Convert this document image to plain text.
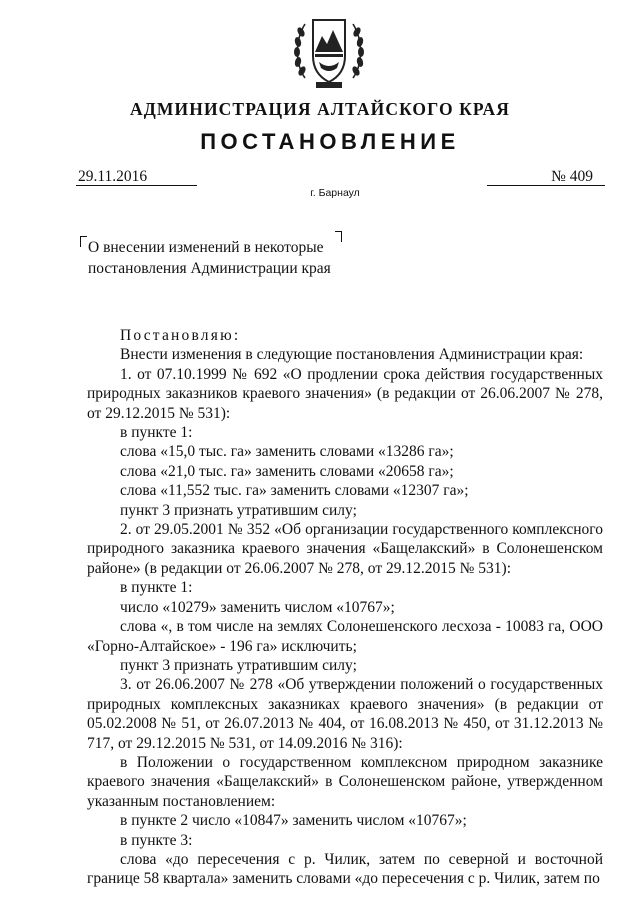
АДМИНИСТРАЦИЯ АЛТАЙСКОГО КРАЯ
ПОСТАНОВЛЕНИЕ
29.11.2016	№ 409
г. Барнаул
О внесении изменений в некоторые
постановления Администрации края

Постановляю:

Внести изменения в следующие постановления Администрации края:

1. от 07.10.1999 № 692 «О продлении срока действия государственных природных заказников краевого значения» (в редакции от 26.06.2007 № 278, от 29.12.2015 № 531):

в пункте 1:

слова «15,0 тыс. га» заменить словами «13286 га»;

слова «21,0 тыс. га» заменить словами «20658 га»;

слова «11,552 тыс. га» заменить словами «12307 га»;

пункт 3 признать утратившим силу;

2. от 29.05.2001 № 352 «Об организации государственного комплексного природного заказника краевого значения «Бащелакский» в Солонешенском районе» (в редакции от 26.06.2007 № 278, от 29.12.2015 № 531):

в пункте 1:

число «10279» заменить числом «10767»;

слова «, в том числе на землях Солонешенского лесхоза - 10083 га, ООО «Горно-Алтайское» - 196 га» исключить;

пункт 3 признать утратившим силу;

3. от 26.06.2007 № 278 «Об утверждении положений о государственных природных комплексных заказниках краевого значения» (в редакции от 05.02.2008 № 51, от 26.07.2013 № 404, от 16.08.2013 № 450, от 31.12.2013 № 717, от 29.12.2015 № 531, от 14.09.2016 № 316):

в Положении о государственном комплексном природном заказнике краевого значения «Бащелакский» в Солонешенском районе, утвержденном указанным постановлением:

в пункте 2 число «10847» заменить числом «10767»;

в пункте 3:

слова «до пересечения с р. Чилик, затем по северной и восточной границе 58 квартала» заменить словами «до пересечения с р. Чилик, затем по
